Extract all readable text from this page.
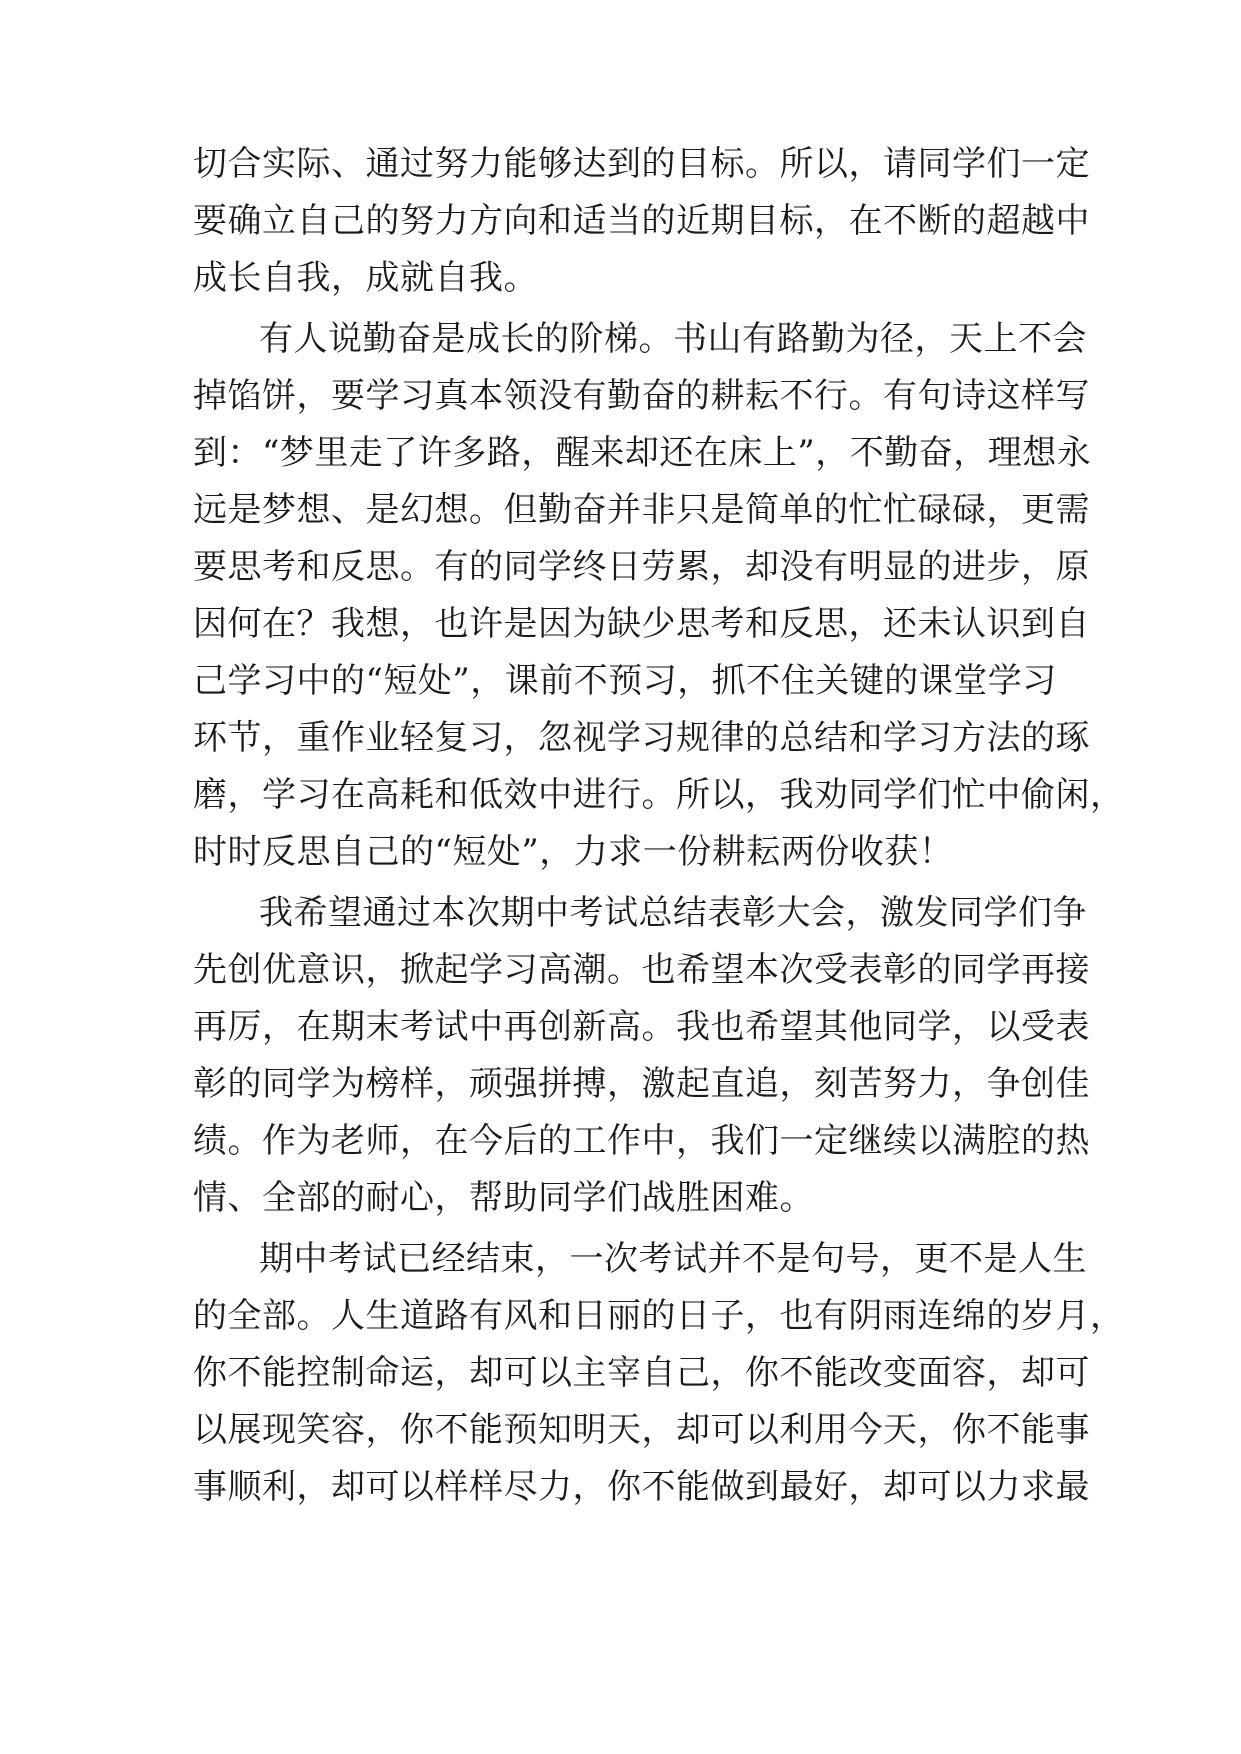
切合实际、通过努力能够达到的目标。所以，请同学们一定
要确立自己的努力方向和适当的近期目标，在不断的超越中
成长自我，成就自我。
有人说勤奋是成长的阶梯。书山有路勤为径，天上不会
掉馅饼，要学习真本领没有勤奋的耕耘不行。有句诗这样写
到：“梦里走了许多路，醒来却还在床上”，不勤奋，理想永
远是梦想、是幻想。但勤奋并非只是简单的忙忙碌碌，更需
要思考和反思。有的同学终日劳累，却没有明显的进步，原
因何在？我想，也许是因为缺少思考和反思，还未认识到自
己学习中的“短处”，课前不预习，抓不住关键的课堂学习
环节，重作业轻复习，忽视学习规律的总结和学习方法的琢
磨，学习在高耗和低效中进行。所以，我劝同学们忙中偷闲，
时时反思自己的“短处”，力求一份耕耘两份收获！
我希望通过本次期中考试总结表彰大会，激发同学们争
先创优意识，掀起学习高潮。也希望本次受表彰的同学再接
再厉，在期末考试中再创新高。我也希望其他同学，以受表
彰的同学为榜样，顽强拼搏，激起直追，刻苦努力，争创佳
绩。作为老师，在今后的工作中，我们一定继续以满腔的热
情、全部的耐心，帮助同学们战胜困难。
期中考试已经结束，一次考试并不是句号，更不是人生
的全部。人生道路有风和日丽的日子，也有阴雨连绵的岁月，
你不能控制命运，却可以主宰自己，你不能改变面容，却可
以展现笑容，你不能预知明天，却可以利用今天，你不能事
事顺利，却可以样样尽力，你不能做到最好，却可以力求最
